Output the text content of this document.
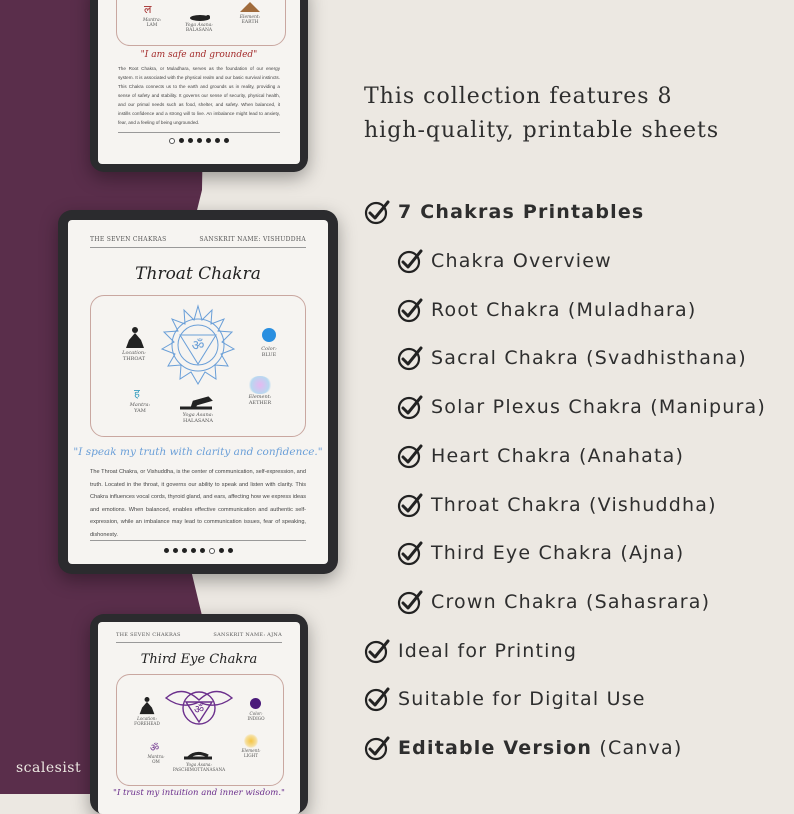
ल
Mantra:
LAM	Yoga Asana:
BALASANA
Element:
EARTH
"I am safe and grounded"
The Root Chakra, or Muladhara, serves as the foundation of our energy system. It is associated with the physical realm and our basic survival instincts. This Chakra connects us to the earth and grounds us in reality, providing a sense of safety and stability. It governs our sense of security, physical health, and our primal needs such as food, shelter, and safety. When balanced, it instills confidence and a strong will to live. An imbalance might lead to anxiety, fear, and a feeling of being ungrounded.
THE SEVEN CHAKRAS	SANSKRIT NAME: VISHUDDHA
Throat Chakra
ॐ
Location:
THROAT
Color:
BLUE
ह
Mantra:
YAM
Yoga Asana:
HALASANA
Element:
AETHER
"I speak my truth with clarity and confidence."
The Throat Chakra, or Vishuddha, is the center of communication, self-expression, and truth. Located in the throat, it governs our ability to speak and listen with clarity. This Chakra influences vocal cords, thyroid gland, and ears, affecting how we express ideas and emotions. When balanced, enables effective communication and authentic self-expression, while an imbalance may lead to communication issues, fear of speaking, dishonesty.
THE SEVEN CHAKRAS	SANSKRIT NAME: AJNA
Third Eye Chakra
ॐ
Location:
FOREHEAD
Color:
INDIGO
ॐ
Mantra:
OM
Yoga Asana:
PASCHIMOTTANASANA
Element:
LIGHT
"I trust my intuition and inner wisdom."
scalesist
This collection features 8
high-quality, printable sheets
7 Chakras Printables
Chakra Overview
Root Chakra (Muladhara)
Sacral Chakra (Svadhisthana)
Solar Plexus Chakra (Manipura)
Heart Chakra (Anahata)
Throat Chakra (Vishuddha)
Third Eye Chakra (Ajna)
Crown Chakra (Sahasrara)
Ideal for Printing
Suitable for Digital Use
Editable Version (Canva)
